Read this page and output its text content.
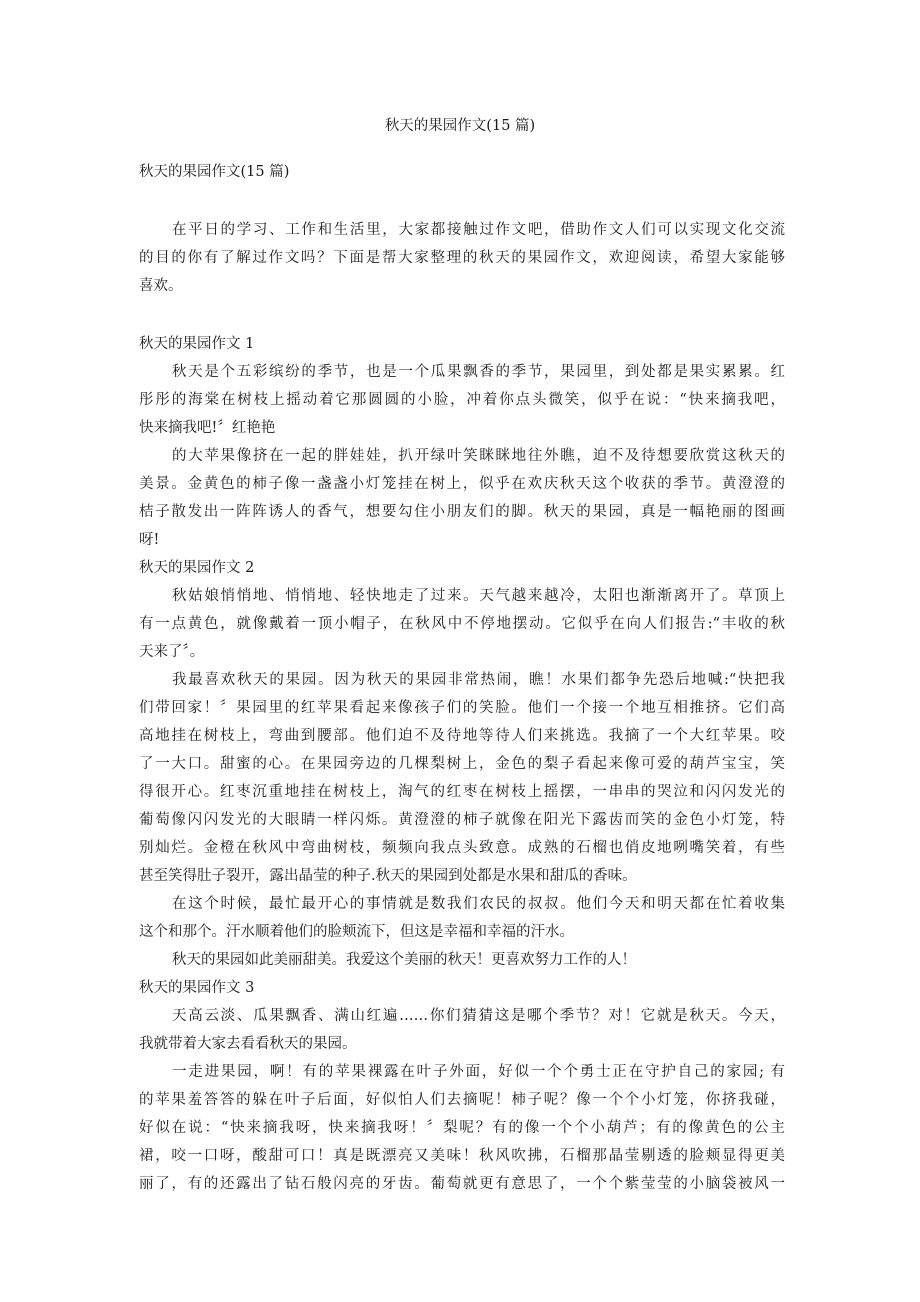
秋天的果园作文(15 篇)

秋天的果园作文(15 篇)

在平日的学习、工作和生活里，大家都接触过作文吧，借助作文人们可以实现文化交流

的目的你有了解过作文吗？下面是帮大家整理的秋天的果园作文，欢迎阅读，希望大家能够

喜欢。

秋天的果园作文 1

秋天是个五彩缤纷的季节，也是一个瓜果飘香的季节，果园里，到处都是果实累累。红

彤彤的海棠在树枝上摇动着它那圆圆的小脸，冲着你点头微笑，似乎在说：“快来摘我吧，

快来摘我吧!〞红艳艳

的大苹果像挤在一起的胖娃娃，扒开绿叶笑眯眯地往外瞧，迫不及待想要欣赏这秋天的

美景。金黄色的柿子像一盏盏小灯笼挂在树上，似乎在欢庆秋天这个收获的季节。黄澄澄的

桔子散发出一阵阵诱人的香气，想要勾住小朋友们的脚。秋天的果园，真是一幅艳丽的图画

呀!

秋天的果园作文 2

秋姑娘悄悄地、悄悄地、轻快地走了过来。天气越来越冷，太阳也渐渐离开了。草顶上

有一点黄色，就像戴着一顶小帽子，在秋风中不停地摆动。它似乎在向人们报告:“丰收的秋

天来了〞。

我最喜欢秋天的果园。因为秋天的果园非常热闹，瞧！水果们都争先恐后地喊:“快把我

们带回家！〞果园里的红苹果看起来像孩子们的笑脸。他们一个接一个地互相推挤。它们高

高地挂在树枝上，弯曲到腰部。他们迫不及待地等待人们来挑选。我摘了一个大红苹果。咬

了一大口。甜蜜的心。在果园旁边的几棵梨树上，金色的梨子看起来像可爱的葫芦宝宝，笑

得很开心。红枣沉重地挂在树枝上，淘气的红枣在树枝上摇摆，一串串的哭泣和闪闪发光的

葡萄像闪闪发光的大眼睛一样闪烁。黄澄澄的柿子就像在阳光下露齿而笑的金色小灯笼，特

别灿烂。金橙在秋风中弯曲树枝，频频向我点头致意。成熟的石榴也俏皮地咧嘴笑着，有些

甚至笑得肚子裂开，露出晶莹的种子.秋天的果园到处都是水果和甜瓜的香味。

在这个时候，最忙最开心的事情就是数我们农民的叔叔。他们今天和明天都在忙着收集

这个和那个。汗水顺着他们的脸颊流下，但这是幸福和幸福的汗水。

秋天的果园如此美丽甜美。我爱这个美丽的秋天！更喜欢努力工作的人！

秋天的果园作文 3

天高云淡、瓜果飘香、满山红遍……你们猜猜这是哪个季节？对！它就是秋天。今天，

我就带着大家去看看秋天的果园。

一走进果园，啊！有的苹果裸露在叶子外面，好似一个个勇士正在守护自己的家园; 有

的苹果羞答答的躲在叶子后面，好似怕人们去摘呢！柿子呢？像一个个小灯笼，你挤我碰，

好似在说：“快来摘我呀，快来摘我呀！〞梨呢？有的像一个个小葫芦；有的像黄色的公主

裙，咬一口呀，酸甜可口！真是既漂亮又美味！秋风吹拂，石榴那晶莹剔透的脸颊显得更美

丽了，有的还露出了钻石般闪亮的牙齿。葡萄就更有意思了，一个个紫莹莹的小脑袋被风一
